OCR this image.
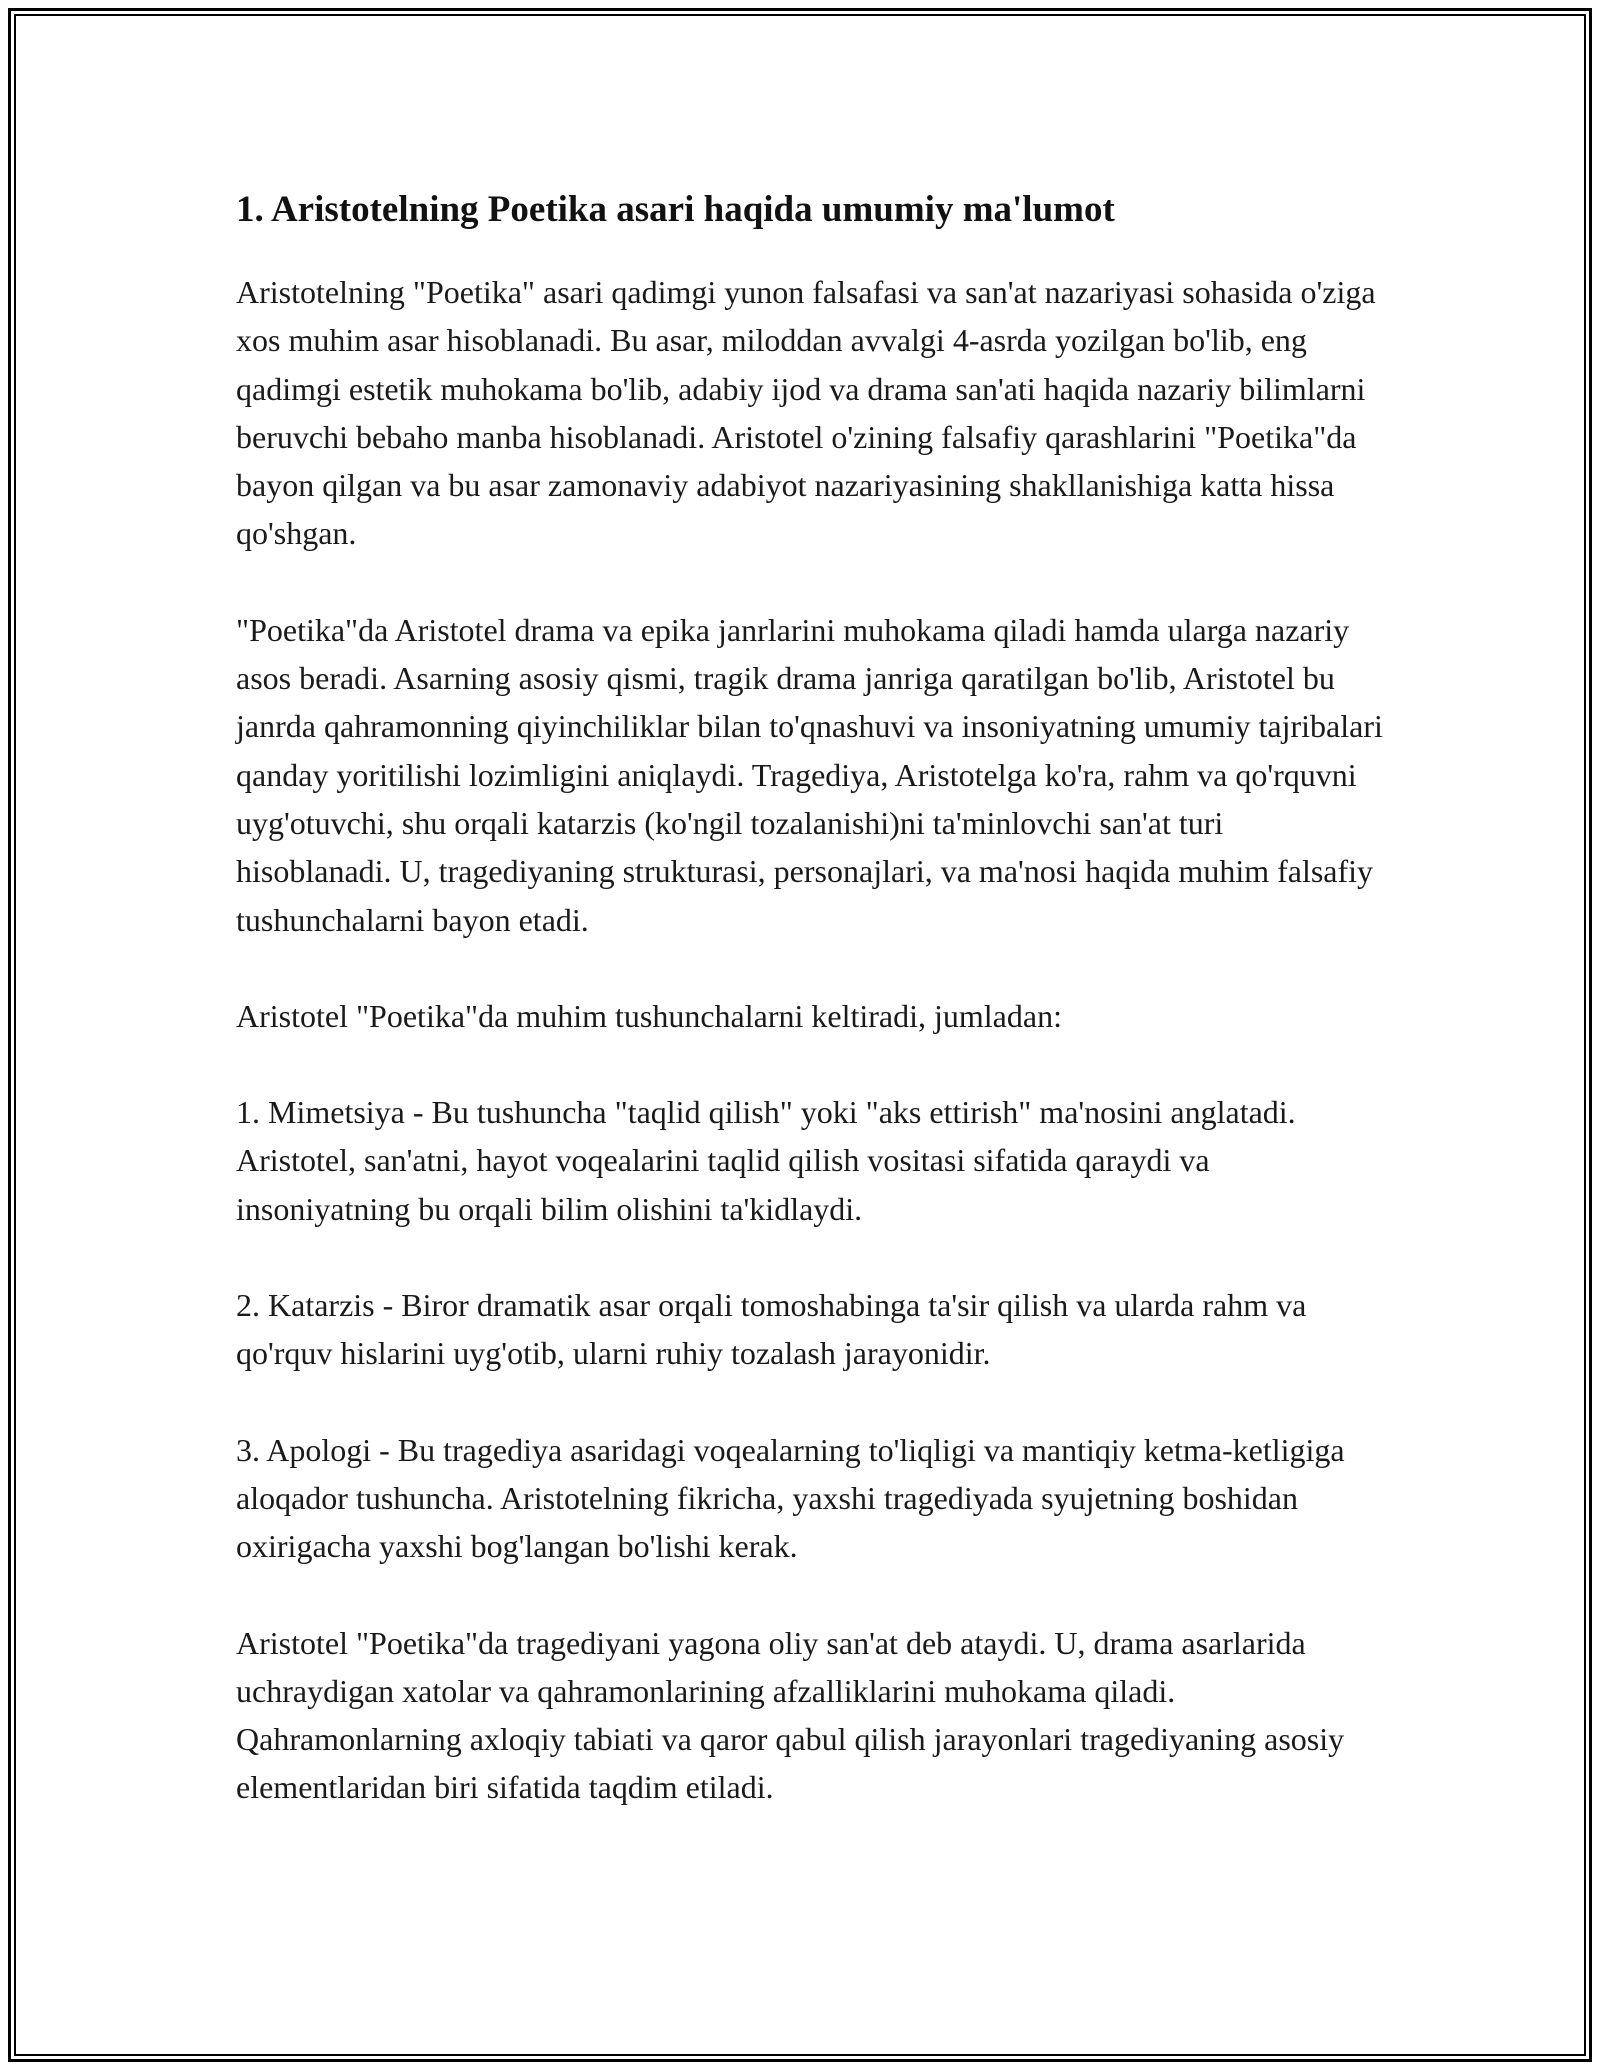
1. Aristotelning Poetika asari haqida umumiy ma'lumot

Aristotelning "Poetika" asari qadimgi yunon falsafasi va san'at nazariyasi sohasida o'ziga xos muhim asar hisoblanadi. Bu asar, miloddan avvalgi 4-asrda yozilgan bo'lib, eng qadimgi estetik muhokama bo'lib, adabiy ijod va drama san'ati haqida nazariy bilimlarni beruvchi bebaho manba hisoblanadi. Aristotel o'zining falsafiy qarashlarini "Poetika"da bayon qilgan va bu asar zamonaviy adabiyot nazariyasining shakllanishiga katta hissa qo'shgan.

"Poetika"da Aristotel drama va epika janrlarini muhokama qiladi hamda ularga nazariy asos beradi. Asarning asosiy qismi, tragik drama janriga qaratilgan bo'lib, Aristotel bu janrda qahramonning qiyinchiliklar bilan to'qnashuvi va insoniyatning umumiy tajribalari qanday yoritilishi lozimligini aniqlaydi. Tragediya, Aristotelga ko'ra, rahm va qo'rquvni uyg'otuvchi, shu orqali katarzis (ko'ngil tozalanishi)ni ta'minlovchi san'at turi hisoblanadi. U, tragediyaning strukturasi, personajlari, va ma'nosi haqida muhim falsafiy tushunchalarni bayon etadi.

Aristotel "Poetika"da muhim tushunchalarni keltiradi, jumladan:

1. Mimetsiya - Bu tushuncha "taqlid qilish" yoki "aks ettirish" ma'nosini anglatadi. Aristotel, san'atni, hayot voqealarini taqlid qilish vositasi sifatida qaraydi va insoniyatning bu orqali bilim olishini ta'kidlaydi.

2. Katarzis - Biror dramatik asar orqali tomoshabinga ta'sir qilish va ularda rahm va qo'rquv hislarini uyg'otib, ularni ruhiy tozalash jarayonidir.

3. Apologi - Bu tragediya asaridagi voqealarning to'liqligi va mantiqiy ketma-ketligiga aloqador tushuncha. Aristotelning fikricha, yaxshi tragediyada syujetning boshidan oxirigacha yaxshi bog'langan bo'lishi kerak.

Aristotel "Poetika"da tragediyani yagona oliy san'at deb ataydi. U, drama asarlarida uchraydigan xatolar va qahramonlarining afzalliklarini muhokama qiladi. Qahramonlarning axloqiy tabiati va qaror qabul qilish jarayonlari tragediyaning asosiy elementlaridan biri sifatida taqdim etiladi.
